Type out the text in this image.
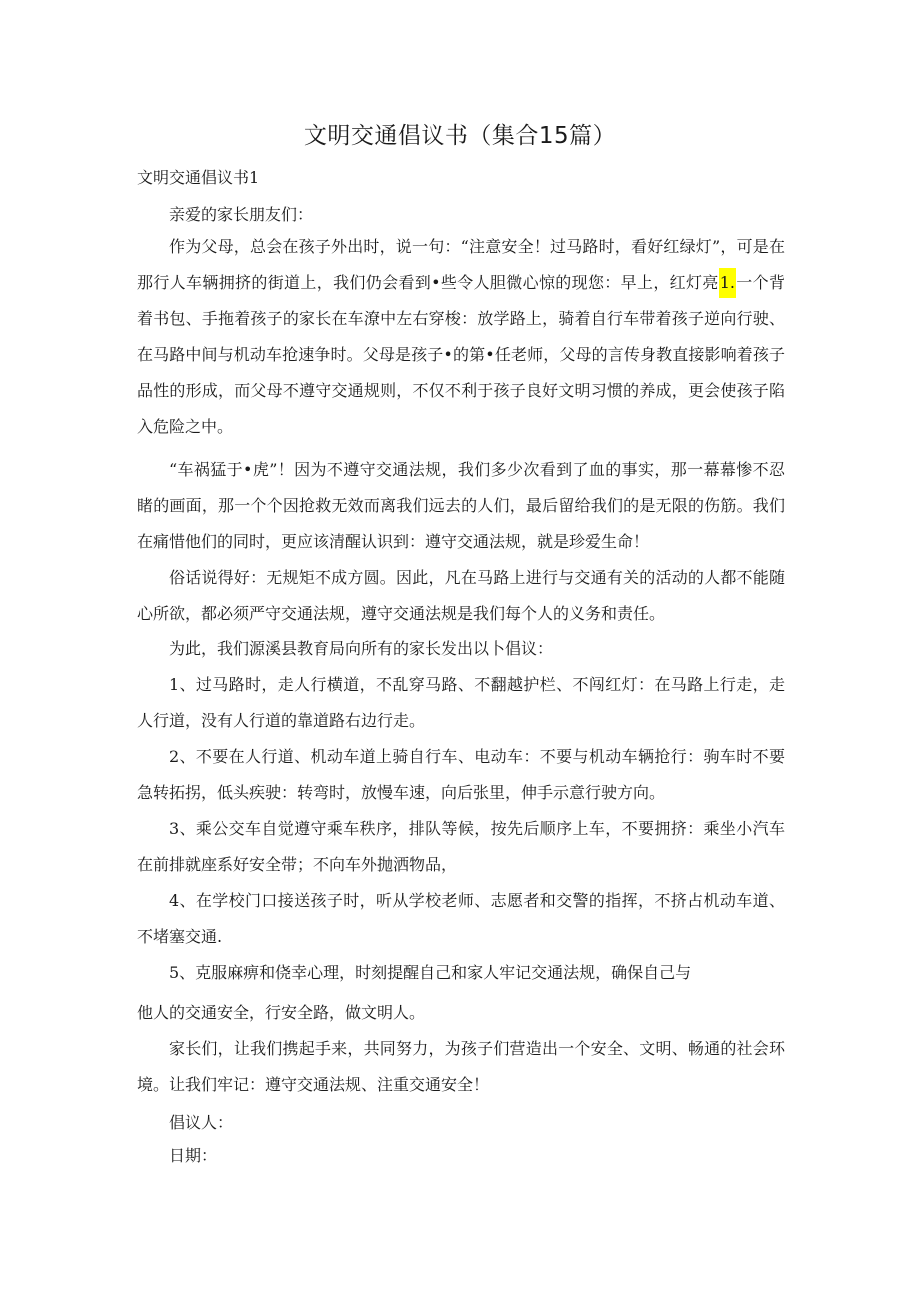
文明交通倡议书（集合15篇）

文明交通倡议书1

亲爱的家长朋友们：

作为父母，总会在孩子外出时，说一句：“注意安全！过马路时，看好红绿灯”，可是在那行人车辆拥挤的街道上，我们仍会看到•些令人胆微心惊的现您：早上，红灯亮1.一个背着书包、手拖着孩子的家长在车潦中左右穿梭：放学路上，骑着自行车带着孩子逆向行驶、在马路中间与机动车抢速争时。父母是孩子•的第•任老师，父母的言传身教直接影响着孩子品性的形成，而父母不遵守交通规则，不仅不利于孩子良好文明习惯的养成，更会使孩子陷入危险之中。

“车祸猛于•虎”！因为不遵守交通法规，我们多少次看到了血的事实，那一幕幕惨不忍睹的画面，那一个个因抢救无效而离我们远去的人们，最后留给我们的是无限的伤筋。我们在痛惜他们的同时，更应该清醒认识到：遵守交通法规，就是珍爱生命！

俗话说得好：无规矩不成方圆。因此，凡在马路上进行与交通有关的活动的人都不能随心所欲，都必须严守交通法规，遵守交通法规是我们每个人的义务和责任。

为此，我们源溪县教育局向所有的家长发出以卜倡议：

1、过马路时，走人行横道，不乱穿马路、不翻越护栏、不闯红灯：在马路上行走，走人行道，没有人行道的靠道路右边行走。

2、不要在人行道、机动车道上骑自行车、电动车：不要与机动车辆抢行：驹车时不要急转拓拐，低头疾驶：转弯时，放慢车速，向后张里，伸手示意行驶方向。

3、乘公交车自觉遵守乘车秩序，排队等候，按先后顺序上车，不要拥挤：乘坐小汽车在前排就座系好安全带；不向车外抛洒物品，

4、在学校门口接送孩子时，听从学校老师、志愿者和交警的指挥，不挤占机动车道、不堵塞交通.

5、克服麻痹和侥幸心理，时刻提醒自己和家人牢记交通法规，确保自己与

他人的交通安全，行安全路，做文明人。

家长们，让我们携起手来，共同努力，为孩子们营造出一个安全、文明、畅通的社会环境。让我们牢记：遵守交通法规、注重交通安全！

倡议人：

日期：
